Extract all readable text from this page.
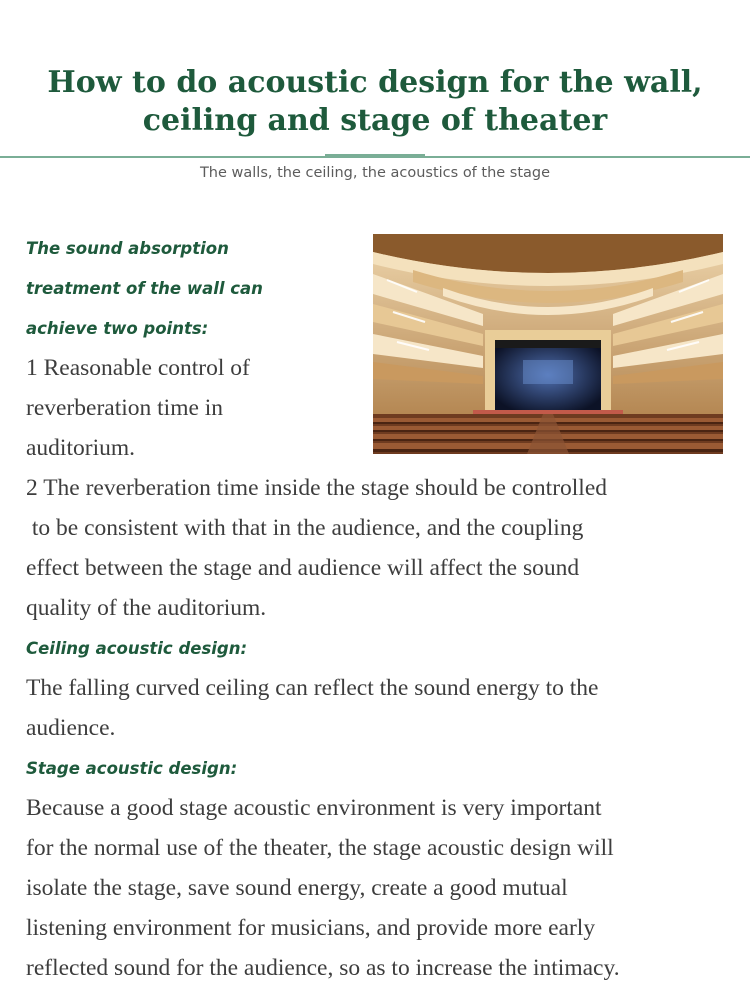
How to do acoustic design for the wall,
ceiling and stage of theater
The walls, the ceiling, the acoustics of the stage

The sound absorption

treatment of the wall can

achieve two points:

1 Reasonable control of

reverberation time in

auditorium.

2 The reverberation time inside the stage should be controlled

to be consistent with that in the audience, and the coupling

effect between the stage and audience will affect the sound

quality of the auditorium.

Ceiling acoustic design:

The falling curved ceiling can reflect the sound energy to the

audience.

Stage acoustic design:

Because a good stage acoustic environment is very important

for the normal use of the theater, the stage acoustic design will

isolate the stage, save sound energy, create a good mutual

listening environment for musicians, and provide more early

reflected sound for the audience, so as to increase the intimacy.
